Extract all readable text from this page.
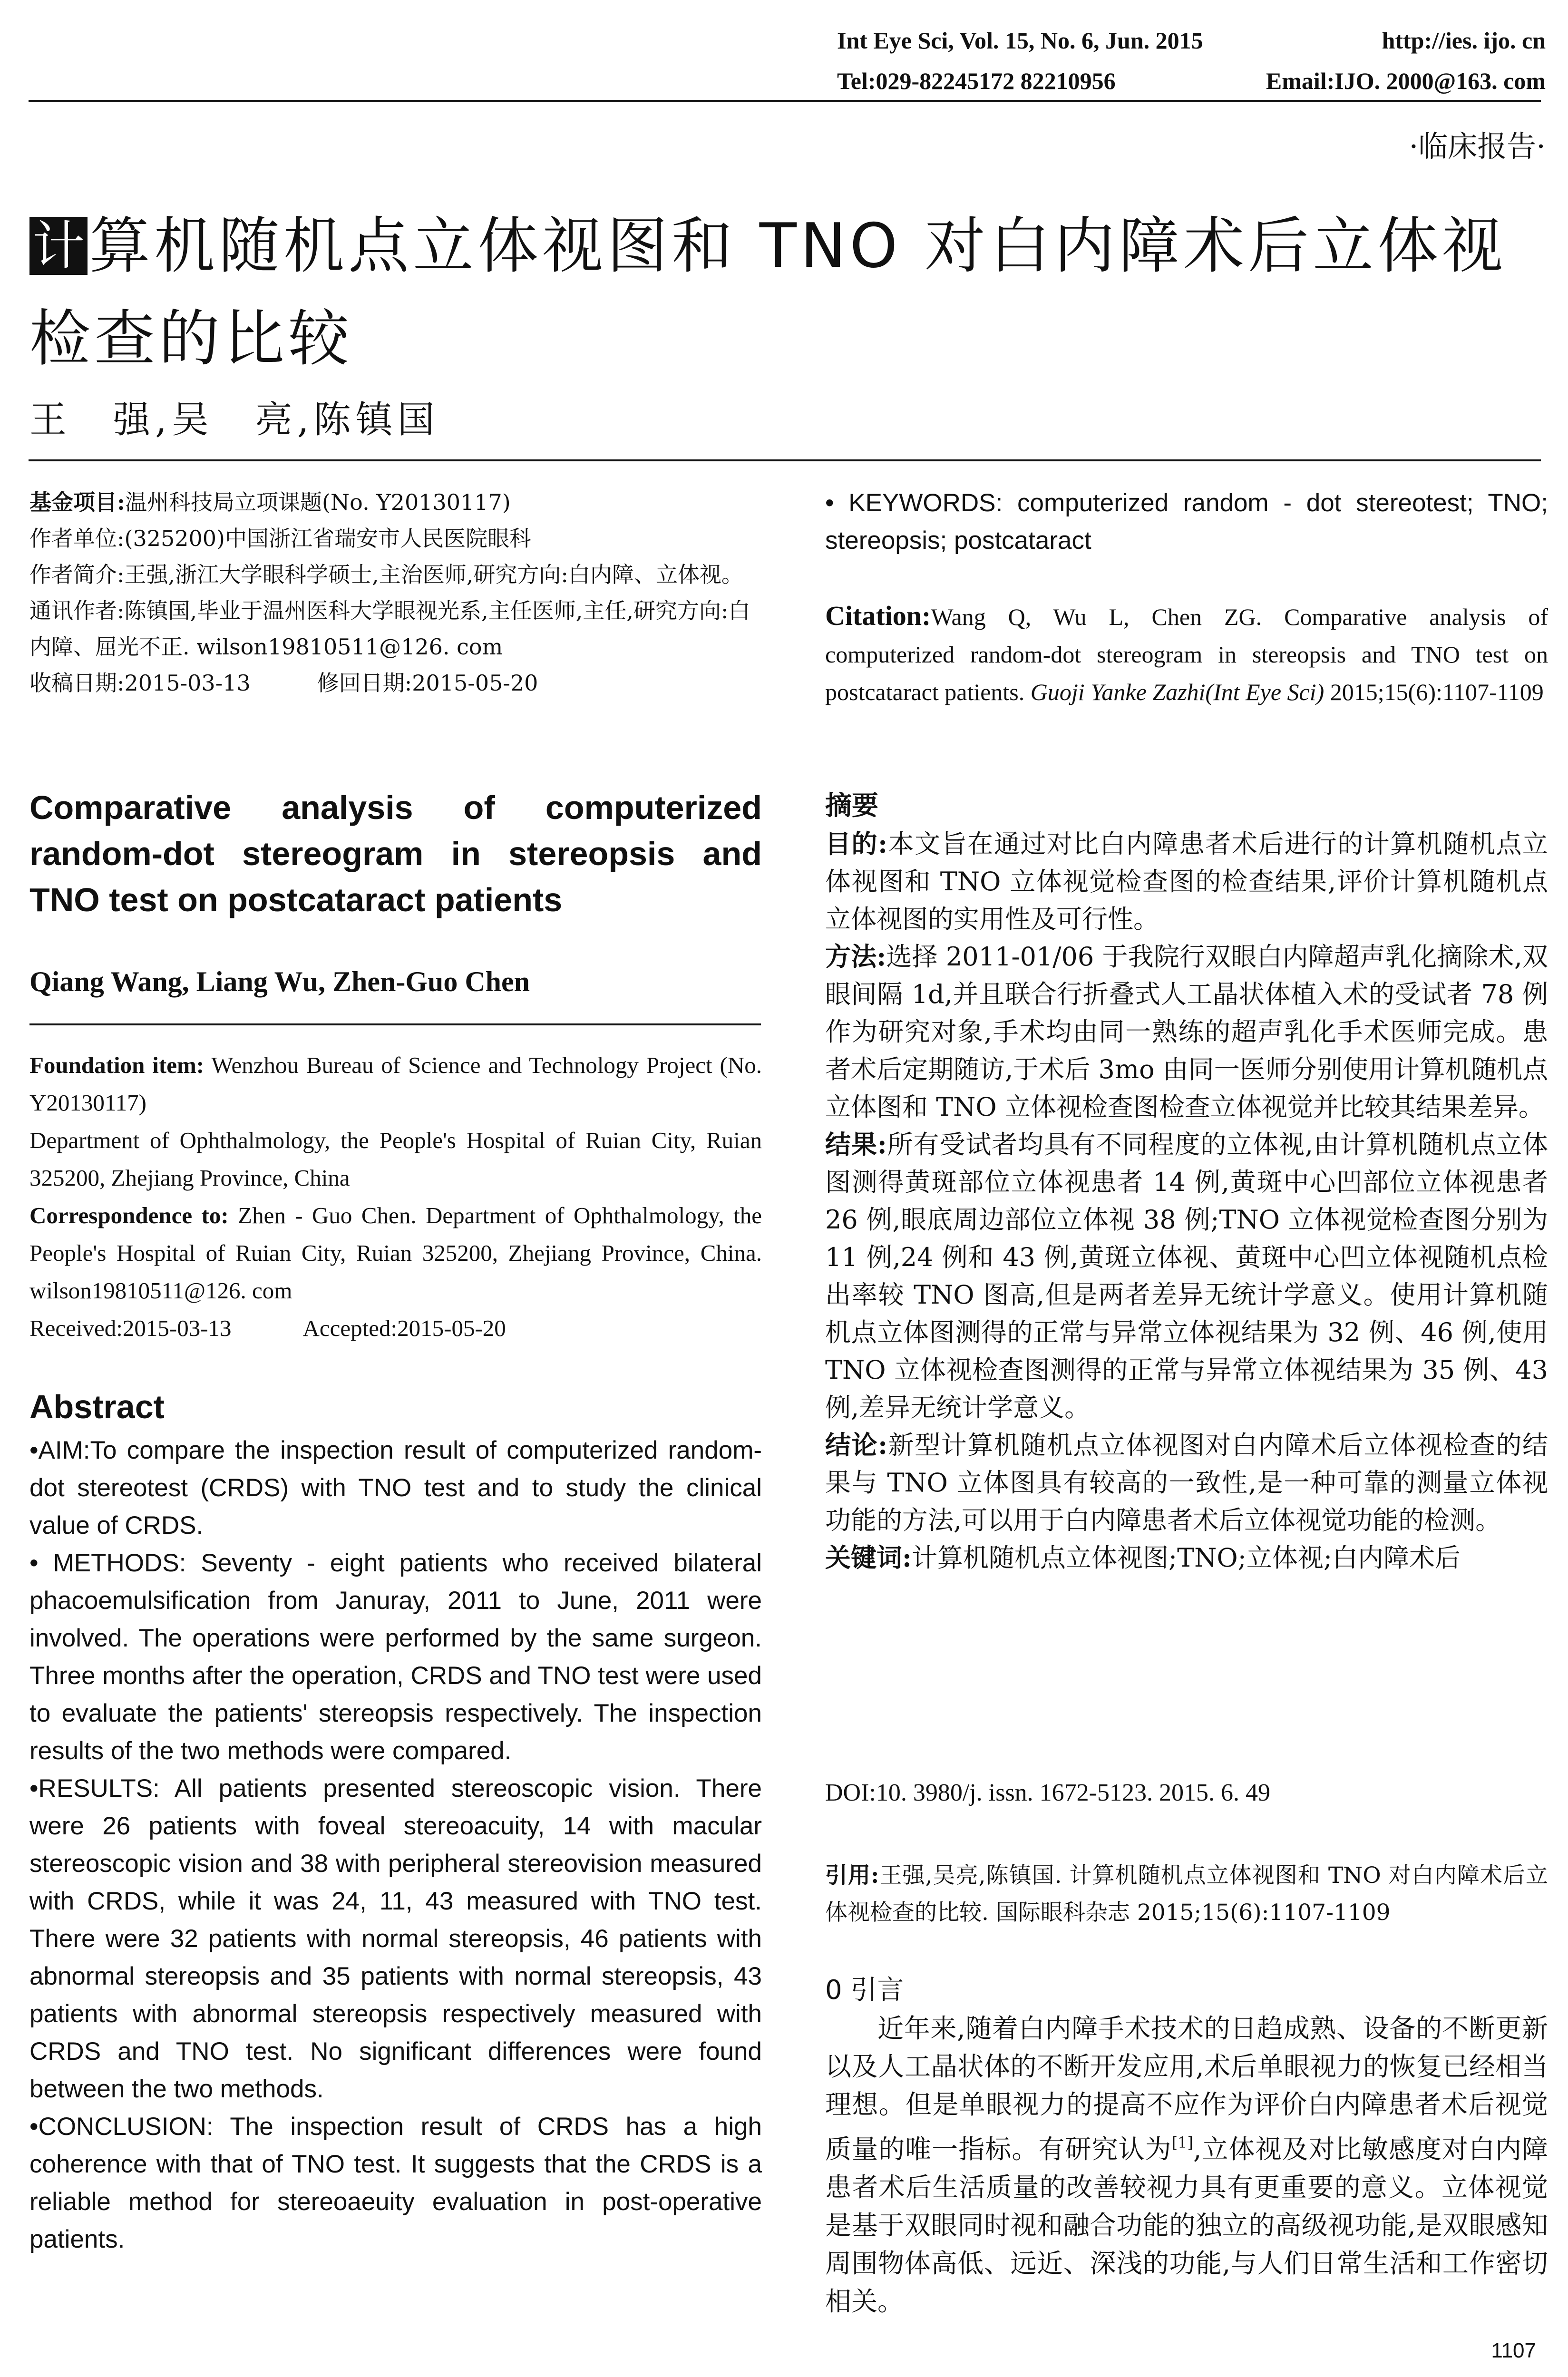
Int Eye Sci, Vol. 15, No. 6, Jun. 2015	http://ies. ijo. cn
Tel:029-82245172 82210956	Email:IJO. 2000@163. com
·临床报告·
计算机随机点立体视图和 TNO 对白内障术后立体视检查的比较
王　强,吴　亮,陈镇国

基金项目:温州科技局立项课题(No. Y20130117)

作者单位:(325200)中国浙江省瑞安市人民医院眼科

作者简介:王强,浙江大学眼科学硕士,主治医师,研究方向:白内障、立体视。

通讯作者:陈镇国,毕业于温州医科大学眼视光系,主任医师,主任,研究方向:白内障、屈光不正. wilson19810511@126. com

收稿日期:2015-03-13	修回日期:2015-05-20

Comparative analysis of computerized random-dot stereogram in stereopsis and TNO test on postcataract patients
Qiang Wang, Liang Wu, Zhen-Guo Chen

Foundation item: Wenzhou Bureau of Science and Technology Project (No. Y20130117)

Department of Ophthalmology, the People's Hospital of Ruian City, Ruian 325200, Zhejiang Province, China

Correspondence to: Zhen - Guo Chen. Department of Ophthalmology, the People's Hospital of Ruian City, Ruian 325200, Zhejiang Province, China. wilson19810511@126. com

Received:2015-03-13	Accepted:2015-05-20

Abstract

•AIM:To compare the inspection result of computerized random-dot stereotest (CRDS) with TNO test and to study the clinical value of CRDS.

• METHODS: Seventy - eight patients who received bilateral phacoemulsification from Januray, 2011 to June, 2011 were involved. The operations were performed by the same surgeon. Three months after the operation, CRDS and TNO test were used to evaluate the patients' stereopsis respectively. The inspection results of the two methods were compared.

•RESULTS: All patients presented stereoscopic vision. There were 26 patients with foveal stereoacuity, 14 with macular stereoscopic vision and 38 with peripheral stereovision measured with CRDS, while it was 24, 11, 43 measured with TNO test. There were 32 patients with normal stereopsis, 46 patients with abnormal stereopsis and 35 patients with normal stereopsis, 43 patients with abnormal stereopsis respectively measured with CRDS and TNO test. No significant differences were found between the two methods.

•CONCLUSION: The inspection result of CRDS has a high coherence with that of TNO test. It suggests that the CRDS is a reliable method for stereoaeuity evaluation in post-operative patients.

• KEYWORDS: computerized random - dot stereotest; TNO; stereopsis; postcataract
Citation:Wang Q, Wu L, Chen ZG. Comparative analysis of computerized random-dot stereogram in stereopsis and TNO test on postcataract patients. Guoji Yanke Zazhi(Int Eye Sci) 2015;15(6):1107-1109
摘要

目的:本文旨在通过对比白内障患者术后进行的计算机随机点立体视图和 TNO 立体视觉检查图的检查结果,评价计算机随机点立体视图的实用性及可行性。

方法:选择 2011-01/06 于我院行双眼白内障超声乳化摘除术,双眼间隔 1d,并且联合行折叠式人工晶状体植入术的受试者 78 例作为研究对象,手术均由同一熟练的超声乳化手术医师完成。患者术后定期随访,于术后 3mo 由同一医师分别使用计算机随机点立体图和 TNO 立体视检查图检查立体视觉并比较其结果差异。

结果:所有受试者均具有不同程度的立体视,由计算机随机点立体图测得黄斑部位立体视患者 14 例,黄斑中心凹部位立体视患者 26 例,眼底周边部位立体视 38 例;TNO 立体视觉检查图分别为 11 例,24 例和 43 例,黄斑立体视、黄斑中心凹立体视随机点检出率较 TNO 图高,但是两者差异无统计学意义。使用计算机随机点立体图测得的正常与异常立体视结果为 32 例、46 例,使用 TNO 立体视检查图测得的正常与异常立体视结果为 35 例、43 例,差异无统计学意义。

结论:新型计算机随机点立体视图对白内障术后立体视检查的结果与 TNO 立体图具有较高的一致性,是一种可靠的测量立体视功能的方法,可以用于白内障患者术后立体视觉功能的检测。

关键词:计算机随机点立体视图;TNO;立体视;白内障术后

DOI:10. 3980/j. issn. 1672-5123. 2015. 6. 49
引用:王强,吴亮,陈镇国. 计算机随机点立体视图和 TNO 对白内障术后立体视检查的比较. 国际眼科杂志 2015;15(6):1107-1109
0 引言
近年来,随着白内障手术技术的日趋成熟、设备的不断更新以及人工晶状体的不断开发应用,术后单眼视力的恢复已经相当理想。但是单眼视力的提高不应作为评价白内障患者术后视觉质量的唯一指标。有研究认为[1],立体视及对比敏感度对白内障患者术后生活质量的改善较视力具有更重要的意义。立体视觉是基于双眼同时视和融合功能的独立的高级视功能,是双眼感知周围物体高低、远近、深浅的功能,与人们日常生活和工作密切相关。
1107
